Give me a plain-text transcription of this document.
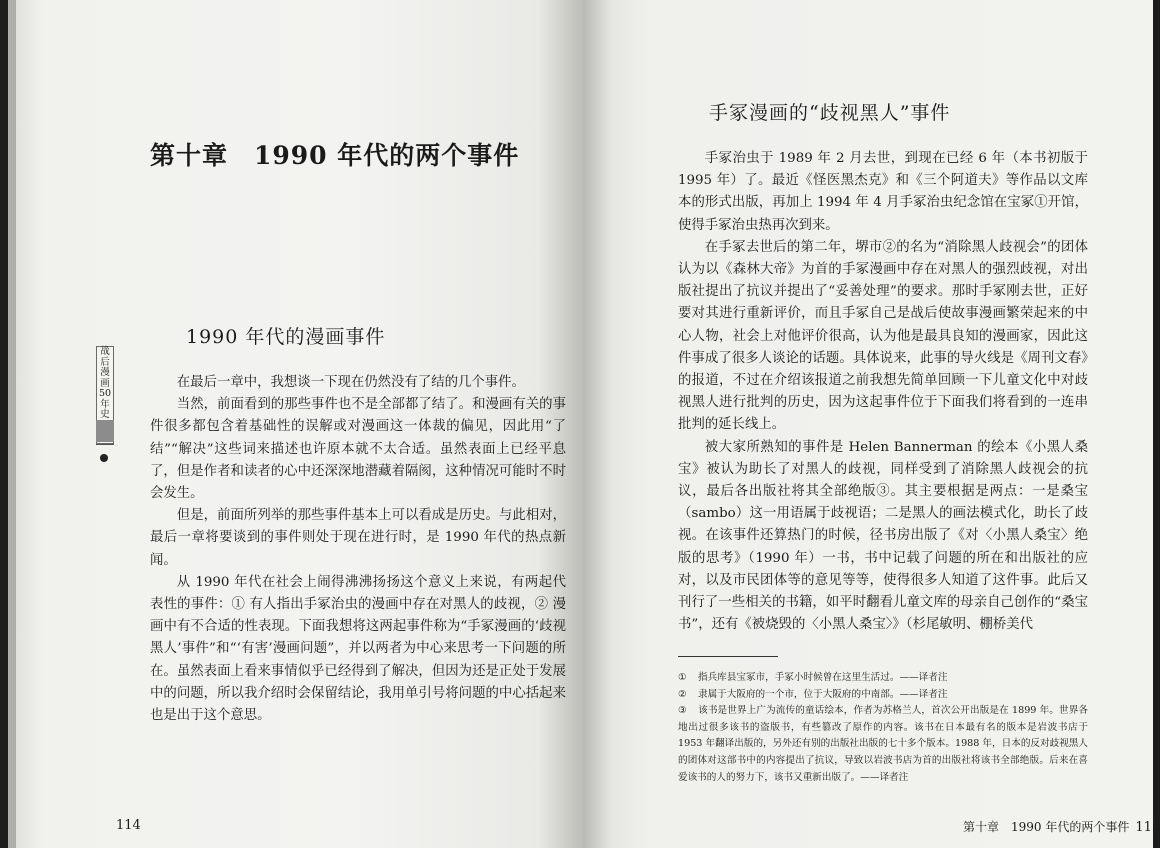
第十章　1990 年代的两个事件
战后漫画50年史
1990 年代的漫画事件

在最后一章中，我想谈一下现在仍然没有了结的几个事件。

当然，前面看到的那些事件也不是全部都了结了。和漫画有关的事件很多都包含着基础性的误解或对漫画这一体裁的偏见，因此用“了结”“解决”这些词来描述也许原本就不太合适。虽然表面上已经平息了，但是作者和读者的心中还深深地潜藏着隔阂，这种情况可能时不时会发生。

但是，前面所列举的那些事件基本上可以看成是历史。与此相对，最后一章将要谈到的事件则处于现在进行时，是 1990 年代的热点新闻。

从 1990 年代在社会上闹得沸沸扬扬这个意义上来说，有两起代表性的事件：① 有人指出手冢治虫的漫画中存在对黑人的歧视，② 漫画中有不合适的性表现。下面我想将这两起事件称为“手冢漫画的‘歧视黑人’事件”和“‘有害’漫画问题”，并以两者为中心来思考一下问题的所在。虽然表面上看来事情似乎已经得到了解决，但因为还是正处于发展中的问题，所以我介绍时会保留结论，我用单引号将问题的中心括起来也是出于这个意思。

114
手冢漫画的“歧视黑人”事件

手冢治虫于 1989 年 2 月去世，到现在已经 6 年（本书初版于 1995 年）了。最近《怪医黑杰克》和《三个阿道夫》等作品以文库本的形式出版，再加上 1994 年 4 月手冢治虫纪念馆在宝冢①开馆，使得手冢治虫热再次到来。

在手冢去世后的第二年，堺市②的名为“消除黑人歧视会”的团体认为以《森林大帝》为首的手冢漫画中存在对黑人的强烈歧视，对出版社提出了抗议并提出了“妥善处理”的要求。那时手冢刚去世，正好要对其进行重新评价，而且手冢自己是战后使故事漫画繁荣起来的中心人物，社会上对他评价很高，认为他是最具良知的漫画家，因此这件事成了很多人谈论的话题。具体说来，此事的导火线是《周刊文春》的报道，不过在介绍该报道之前我想先简单回顾一下儿童文化中对歧视黑人进行批判的历史，因为这起事件位于下面我们将看到的一连串批判的延长线上。

被大家所熟知的事件是 Helen Bannerman 的绘本《小黑人桑宝》被认为助长了对黑人的歧视，同样受到了消除黑人歧视会的抗议，最后各出版社将其全部绝版③。其主要根据是两点：一是桑宝（sambo）这一用语属于歧视语；二是黑人的画法模式化，助长了歧视。在该事件还算热门的时候，径书房出版了《对〈小黑人桑宝〉绝版的思考》（1990 年）一书，书中记载了问题的所在和出版社的应对，以及市民团体等的意见等等，使得很多人知道了这件事。此后又刊行了一些相关的书籍，如平时翻看儿童文库的母亲自己创作的“桑宝书”，还有《被烧毁的〈小黑人桑宝〉》（杉尾敏明、棚桥美代

① 指兵库县宝冢市，手冢小时候曾在这里生活过。——译者注

② 隶属于大阪府的一个市，位于大阪府的中南部。——译者注

③ 该书是世界上广为流传的童话绘本，作者为苏格兰人，首次公开出版是在 1899 年。世界各地出过很多该书的盗版书，有些篡改了原作的内容。该书在日本最有名的版本是岩波书店于 1953 年翻译出版的，另外还有别的出版社出版的七十多个版本。1988 年，日本的反对歧视黑人的团体对这部书中的内容提出了抗议，导致以岩波书店为首的出版社将该书全部绝版。后来在喜爱该书的人的努力下，该书又重新出版了。——译者注

第十章　1990 年代的两个事件 115
